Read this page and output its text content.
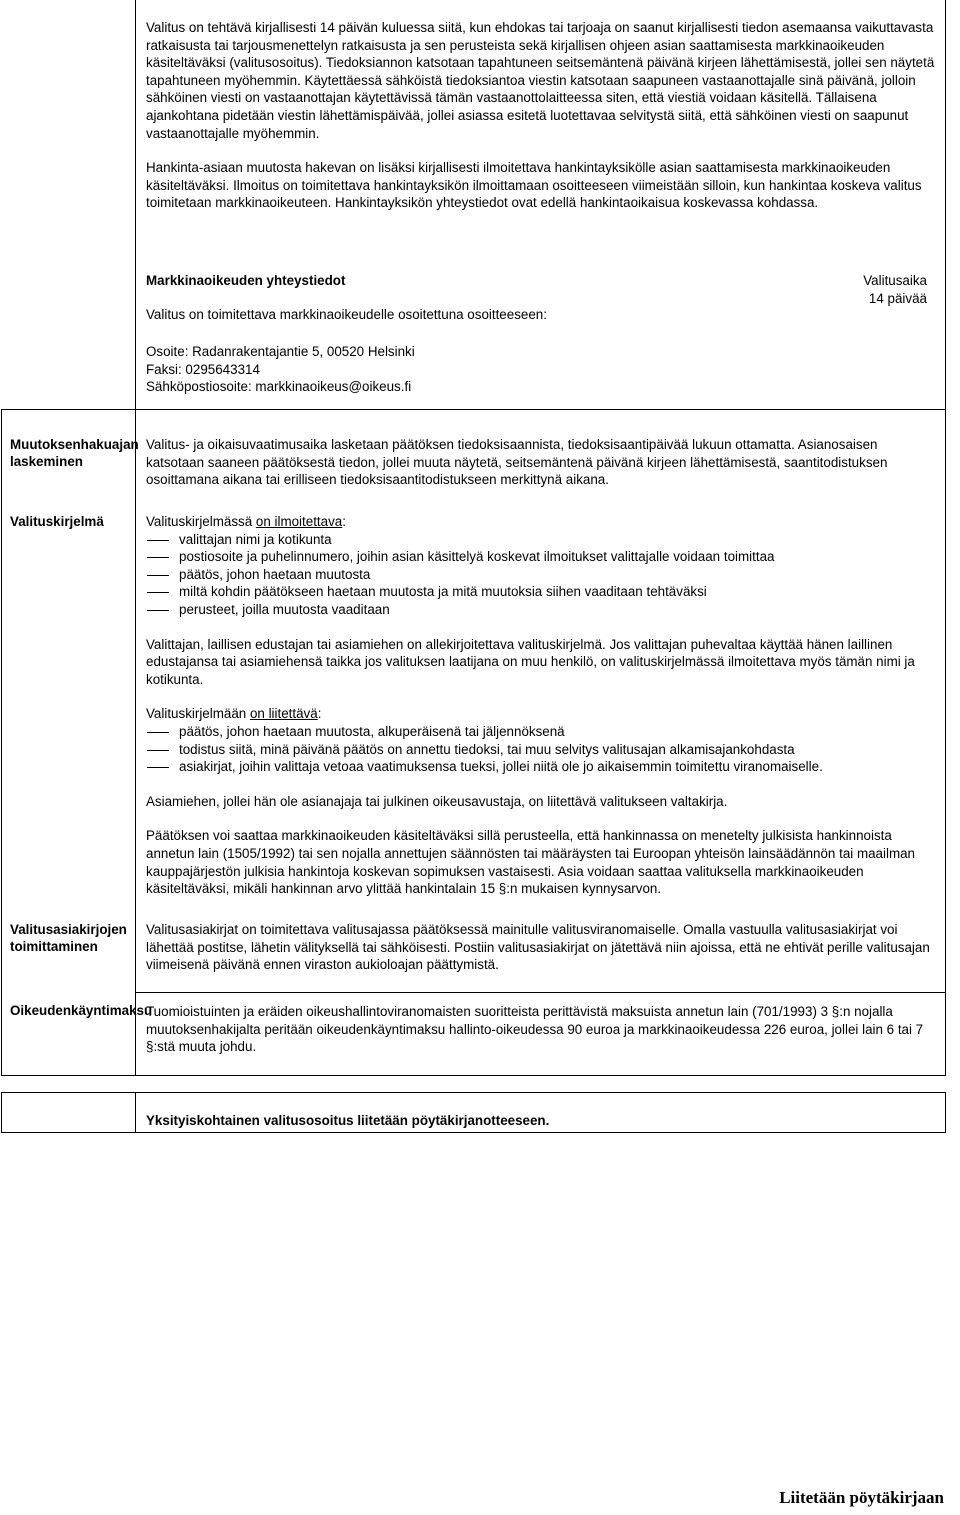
Valitus on tehtävä kirjallisesti 14 päivän kuluessa siitä, kun ehdokas tai tarjoaja on saanut kirjallisesti tiedon asemaansa vaikuttavasta ratkaisusta tai tarjousmenettelyn ratkaisusta ja sen perusteista sekä kirjallisen ohjeen asian saattamisesta markkinaoikeuden käsiteltäväksi (valitusosoitus). Tiedoksiannon katsotaan tapahtuneen seitsemäntenä päivänä kirjeen lähettämisestä, jollei sen näytetä tapahtuneen myöhemmin. Käytettäessä sähköistä tiedoksiantoa viestin katsotaan saapuneen vastaanottajalle sinä päivänä, jolloin sähköinen viesti on vastaanottajan käytettävissä tämän vastaanottolaitteessa siten, että viestiä voidaan käsitellä. Tällaisena ajankohtana pidetään viestin lähettämispäivää, jollei asiassa esitetä luotettavaa selvitystä siitä, että sähköinen viesti on saapunut vastaanottajalle myöhemmin.

Hankinta-asiaan muutosta hakevan on lisäksi kirjallisesti ilmoitettava hankintayksikölle asian saattamisesta markkinaoikeuden käsiteltäväksi. Ilmoitus on toimitettava hankintayksikön ilmoittamaan osoitteeseen viimeistään silloin, kun hankintaa koskeva valitus toimitetaan markkinaoikeuteen. Hankintayksikön yhteystiedot ovat edellä hankintaoikaisua koskevassa kohdassa.

Markkinaoikeuden yhteystiedot	Valitusaika
14 päivää
Valitus on toimitettava markkinaoikeudelle osoitettuna osoitteeseen:
Osoite: Radanrakentajantie 5, 00520 Helsinki
Faksi: 0295643314
Sähköpostiosoite: markkinaoikeus@oikeus.fi
Muutoksenhakuajan laskeminen
Valitus- ja oikaisuvaatimusaika lasketaan päätöksen tiedoksisaannista, tiedoksisaantipäivää lukuun ottamatta. Asianosaisen katsotaan saaneen päätöksestä tiedon, jollei muuta näytetä, seitsemäntenä päivänä kirjeen lähettämisestä, saantitodistuksen osoittamana aikana tai erilliseen tiedoksisaantitodistukseen merkittynä aikana.
Valituskirjelmä	Valituskirjelmässä on ilmoitettava:

valittajan nimi ja kotikunta
postiosoite ja puhelinnumero, joihin asian käsittelyä koskevat ilmoitukset valittajalle voidaan toimittaa
päätös, johon haetaan muutosta
miltä kohdin päätökseen haetaan muutosta ja mitä muutoksia siihen vaaditaan tehtäväksi
perusteet, joilla muutosta vaaditaan

Valittajan, laillisen edustajan tai asiamiehen on allekirjoitettava valituskirjelmä. Jos valittajan puhevaltaa käyttää hänen laillinen edustajansa tai asiamiehensä taikka jos valituksen laatijana on muu henkilö, on valituskirjelmässä ilmoitettava myös tämän nimi ja kotikunta.

Valituskirjelmään on liitettävä:

päätös, johon haetaan muutosta, alkuperäisenä tai jäljennöksenä
todistus siitä, minä päivänä päätös on annettu tiedoksi, tai muu selvitys valitusajan alkamisajankohdasta
asiakirjat, joihin valittaja vetoaa vaatimuksensa tueksi, jollei niitä ole jo aikaisemmin toimitettu viranomaiselle.

Asiamiehen, jollei hän ole asianajaja tai julkinen oikeusavustaja, on liitettävä valitukseen valtakirja.

Päätöksen voi saattaa markkinaoikeuden käsiteltäväksi sillä perusteella, että hankinnassa on menetelty julkisista hankinnoista annetun lain (1505/1992) tai sen nojalla annettujen säännösten tai määräysten tai Euroopan yhteisön lainsäädännön tai maailman kauppajärjestön julkisia hankintoja koskevan sopimuksen vastaisesti. Asia voidaan saattaa valituksella markkinaoikeuden käsiteltäväksi, mikäli hankinnan arvo ylittää hankintalain 15 §:n mukaisen kynnysarvon.

Valitusasiakirjojen toimittaminen
Valitusasiakirjat on toimitettava valitusajassa päätöksessä mainitulle valitusviranomaiselle. Omalla vastuulla valitusasiakirjat voi lähettää postitse, lähetin välityksellä tai sähköisesti. Postiin valitusasiakirjat on jätettävä niin ajoissa, että ne ehtivät perille valitusajan viimeisenä päivänä ennen viraston aukioloajan päättymistä.
Oikeudenkäyntimaksu
Tuomioistuinten ja eräiden oikeushallintoviranomaisten suoritteista perittävistä maksuista annetun lain (701/1993) 3 §:n nojalla muutoksenhakijalta peritään oikeudenkäyntimaksu hallinto-oikeudessa 90 euroa ja markkinaoikeudessa 226 euroa, jollei lain 6 tai 7 §:stä muuta johdu.
Yksityiskohtainen valitusosoitus liitetään pöytäkirjanotteeseen.
Liitetään pöytäkirjaan
